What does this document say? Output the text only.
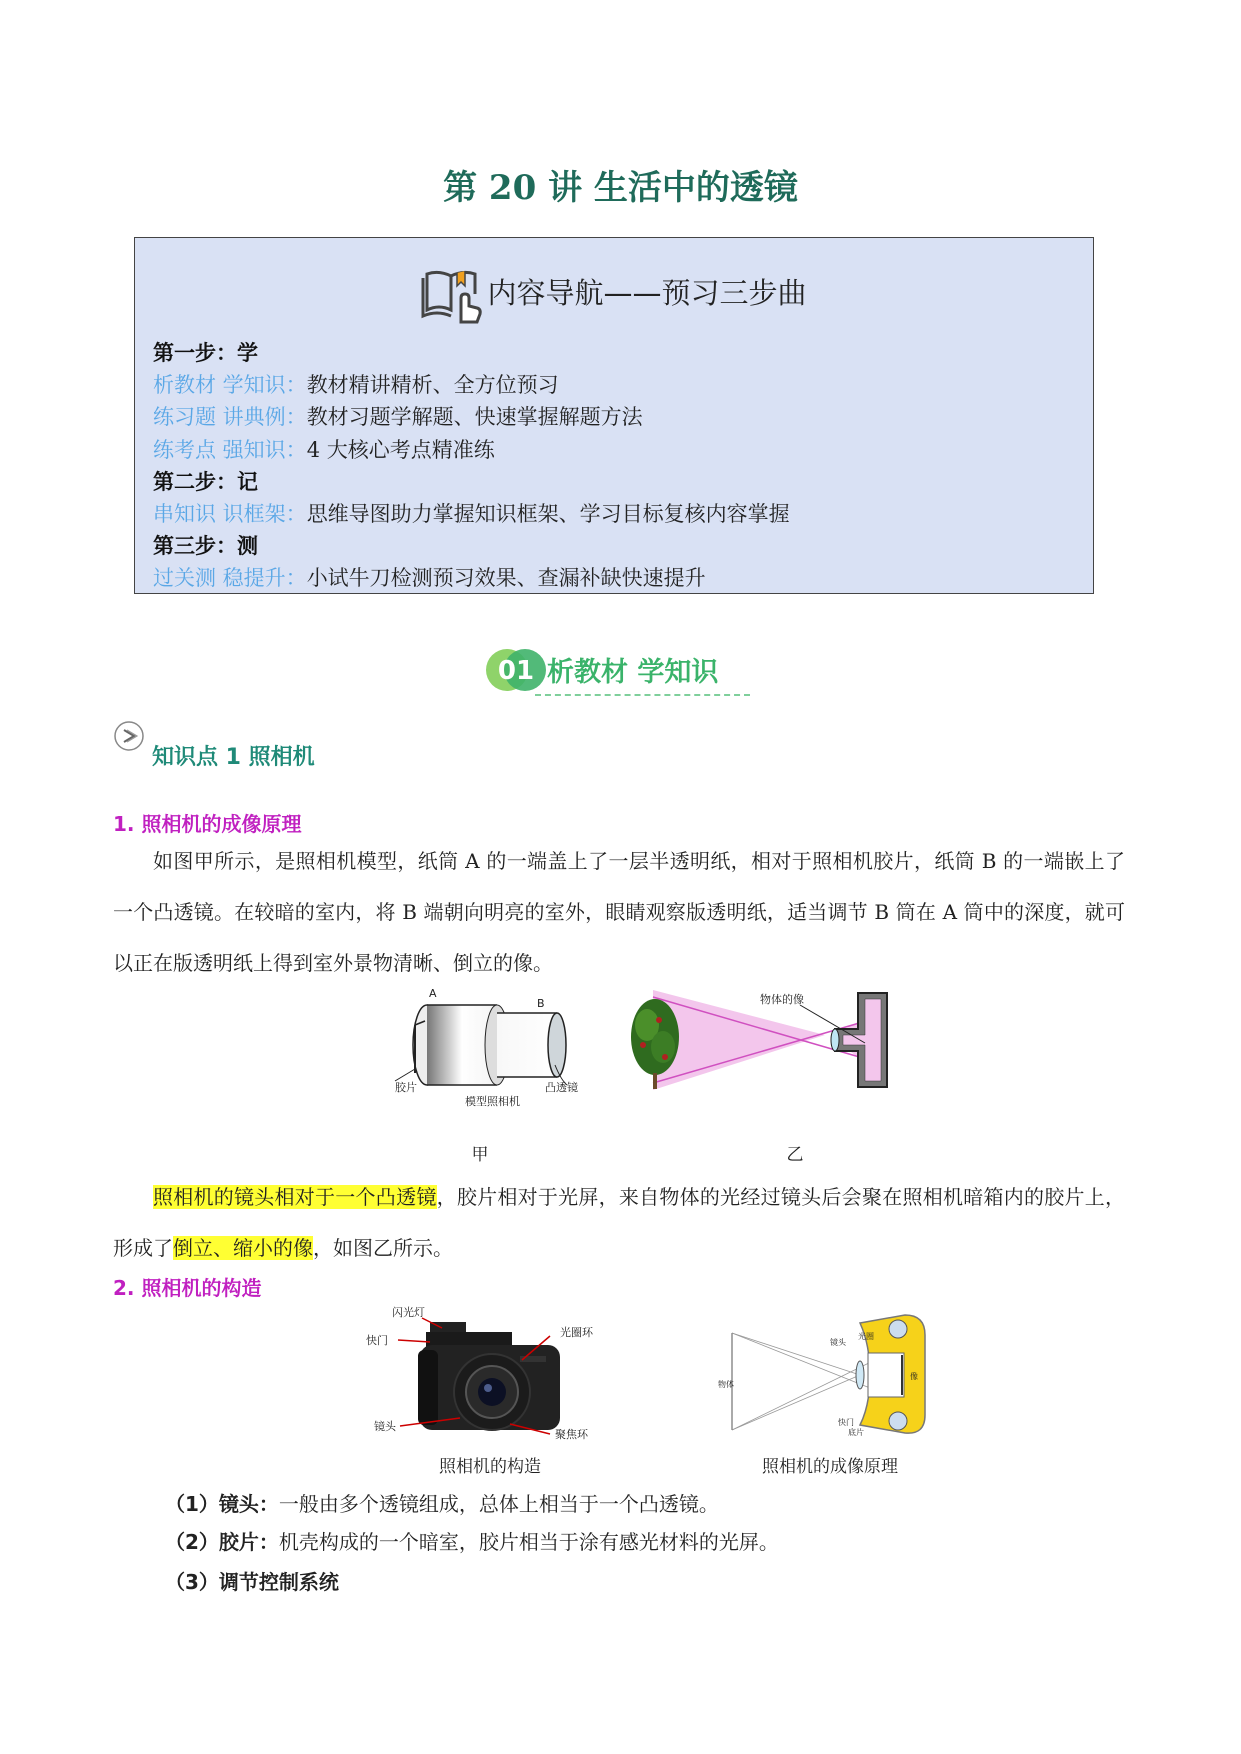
第 20 讲 生活中的透镜
内容导航——预习三步曲
第一步：学
析教材 学知识：教材精讲精析、全方位预习
练习题 讲典例：教材习题学解题、快速掌握解题方法
练考点 强知识：4 大核心考点精准练
第二步：记
串知识 识框架：思维导图助力掌握知识框架、学习目标复核内容掌握
第三步：测
过关测 稳提升：小试牛刀检测预习效果、查漏补缺快速提升
01 析教材 学知识
知识点 1 照相机
1. 照相机的成像原理
如图甲所示，是照相机模型，纸筒 A 的一端盖上了一层半透明纸，相对于照相机胶片，纸筒 B 的一端嵌上了一个凸透镜。在较暗的室内，将 B 端朝向明亮的室外，眼睛观察版透明纸，适当调节 B 筒在 A 筒中的深度，就可以正在版透明纸上得到室外景物清晰、倒立的像。
A
B
胶片	凸透镜
模型照相机
物体的像
甲	乙
照相机的镜头相对于一个凸透镜，胶片相对于光屏，来自物体的光经过镜头后会聚在照相机暗箱内的胶片上，形成了倒立、缩小的像，如图乙所示。
2. 照相机的构造
闪光灯
快门
光圈环
镜头
聚焦环
物体
镜头
光圈
像
快门
底片
照相机的构造	照相机的成像原理
（1）镜头：一般由多个透镜组成，总体上相当于一个凸透镜。
（2）胶片：机壳构成的一个暗室，胶片相当于涂有感光材料的光屏。
（3）调节控制系统
